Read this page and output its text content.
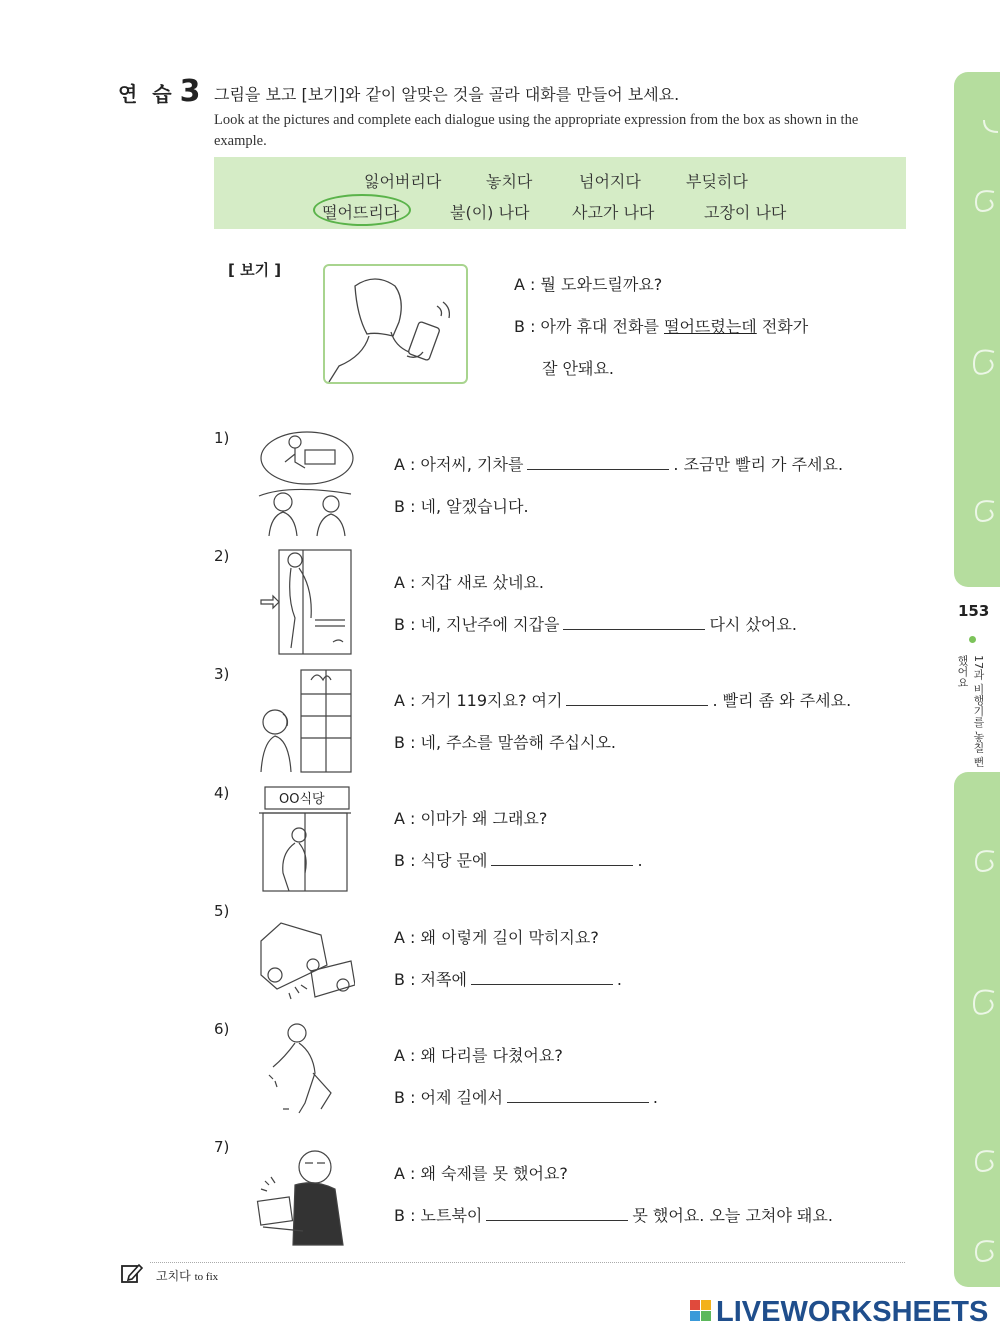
153
17과 비행기를 놓칠 뻔했어요
연 습 3 그림을 보고 [보기]와 같이 알맞은 것을 골라 대화를 만들어 보세요.
Look at the pictures and complete each dialogue using the appropriate expression from the box as shown in the example.
잃어버리다	놓치다	넘어지다	부딪히다
떨어뜨리다	불(이) 나다	사고가 나다	고장이 나다
[ 보기 ]
A : 뭘 도와드릴까요?
B : 아까 휴대 전화를 떨어뜨렸는데 전화가
잘 안돼요.
1)
A : 아저씨, 기차를	. 조금만 빨리 가 주세요.
B : 네, 알겠습니다.
2)
A : 지갑 새로 샀네요.
B : 네, 지난주에 지갑을	다시 샀어요.
3)
A : 거기 119지요? 여기	. 빨리 좀 와 주세요.
B : 네, 주소를 말씀해 주십시오.
4)	OO식당
A : 이마가 왜 그래요?
B : 식당 문에	.
5)
A : 왜 이렇게 길이 막히지요?
B : 저쪽에	.
6)
A : 왜 다리를 다쳤어요?
B : 어제 길에서	.
7)
A : 왜 숙제를 못 했어요?
B : 노트북이	못 했어요. 오늘 고쳐야 돼요.
고치다 to fix
LIVEWORKSHEETS
